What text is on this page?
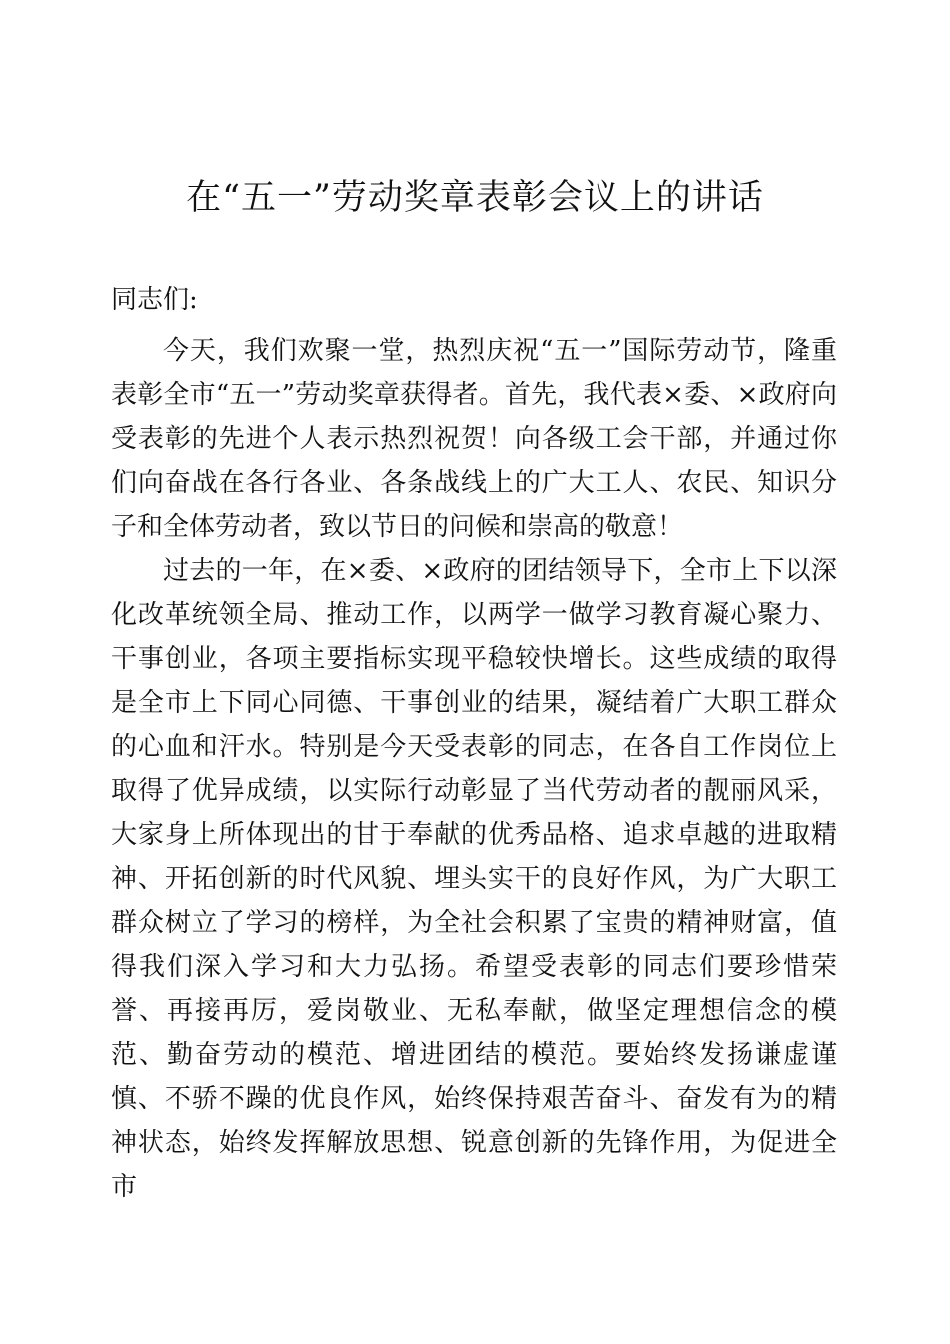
在“五一”劳动奖章表彰会议上的讲话

同志们:

今天，我们欢聚一堂，热烈庆祝“五一”国际劳动节，隆重表彰全市“五一”劳动奖章获得者。首先，我代表×委、×政府向受表彰的先进个人表示热烈祝贺！向各级工会干部，并通过你们向奋战在各行各业、各条战线上的广大工人、农民、知识分子和全体劳动者，致以节日的问候和崇高的敬意！

过去的一年，在×委、×政府的团结领导下，全市上下以深化改革统领全局、推动工作，以两学一做学习教育凝心聚力、干事创业，各项主要指标实现平稳较快增长。这些成绩的取得是全市上下同心同德、干事创业的结果，凝结着广大职工群众的心血和汗水。特别是今天受表彰的同志，在各自工作岗位上取得了优异成绩，以实际行动彰显了当代劳动者的靓丽风采，大家身上所体现出的甘于奉献的优秀品格、追求卓越的进取精神、开拓创新的时代风貌、埋头实干的良好作风，为广大职工群众树立了学习的榜样，为全社会积累了宝贵的精神财富，值得我们深入学习和大力弘扬。希望受表彰的同志们要珍惜荣誉、再接再厉，爱岗敬业、无私奉献，做坚定理想信念的模范、勤奋劳动的模范、增进团结的模范。要始终发扬谦虚谨慎、不骄不躁的优良作风，始终保持艰苦奋斗、奋发有为的精神状态，始终发挥解放思想、锐意创新的先锋作用，为促进全市
